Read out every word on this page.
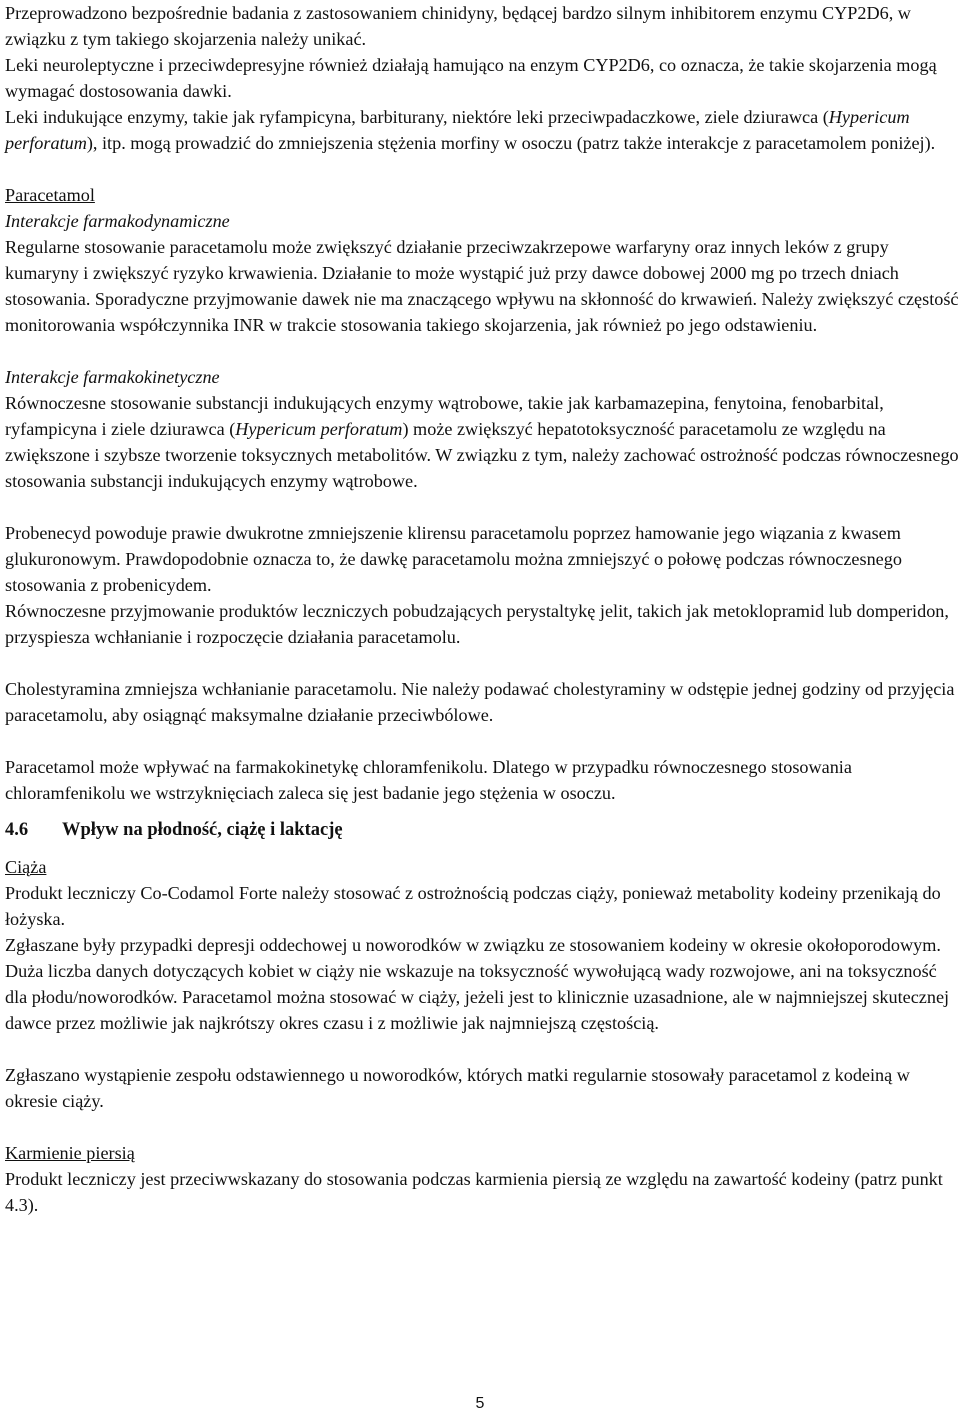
Przeprowadzono bezpośrednie badania z zastosowaniem chinidyny, będącej bardzo silnym inhibitorem enzymu CYP2D6, w związku z tym takiego skojarzenia należy unikać.

Leki neuroleptyczne i przeciwdepresyjne również działają hamująco na enzym CYP2D6, co oznacza, że takie skojarzenia mogą wymagać dostosowania dawki.

Leki indukujące enzymy, takie jak ryfampicyna, barbiturany, niektóre leki przeciwpadaczkowe, ziele dziurawca (Hypericum perforatum), itp. mogą prowadzić do zmniejszenia stężenia morfiny w osoczu (patrz także interakcje z paracetamolem poniżej).

Paracetamol

Interakcje farmakodynamiczne

Regularne stosowanie paracetamolu może zwiększyć działanie przeciwzakrzepowe warfaryny oraz innych leków z grupy kumaryny i zwiększyć ryzyko krwawienia. Działanie to może wystąpić już przy dawce dobowej 2000 mg po trzech dniach stosowania. Sporadyczne przyjmowanie dawek nie ma znaczącego wpływu na skłonność do krwawień. Należy zwiększyć częstość monitorowania współczynnika INR w trakcie stosowania takiego skojarzenia, jak również po jego odstawieniu.

Interakcje farmakokinetyczne

Równoczesne stosowanie substancji indukujących enzymy wątrobowe, takie jak karbamazepina, fenytoina, fenobarbital, ryfampicyna i ziele dziurawca (Hypericum perforatum) może zwiększyć hepatotoksyczność paracetamolu ze względu na zwiększone i szybsze tworzenie toksycznych metabolitów. W związku z tym, należy zachować ostrożność podczas równoczesnego stosowania substancji indukujących enzymy wątrobowe.

Probenecyd powoduje prawie dwukrotne zmniejszenie klirensu paracetamolu poprzez hamowanie jego wiązania z kwasem glukuronowym. Prawdopodobnie oznacza to, że dawkę paracetamolu można zmniejszyć o połowę podczas równoczesnego stosowania z probenicydem.

Równoczesne przyjmowanie produktów leczniczych pobudzających perystaltykę jelit, takich jak metoklopramid lub domperidon, przyspiesza wchłanianie i rozpoczęcie działania paracetamolu.

Cholestyramina zmniejsza wchłanianie paracetamolu. Nie należy podawać cholestyraminy w odstępie jednej godziny od przyjęcia paracetamolu, aby osiągnąć maksymalne działanie przeciwbólowe.

Paracetamol może wpływać na farmakokinetykę chloramfenikolu. Dlatego w przypadku równoczesnego stosowania chloramfenikolu we wstrzyknięciach zaleca się jest badanie jego stężenia w osoczu.

4.6 Wpływ na płodność, ciążę i laktację

Ciąża

Produkt leczniczy Co-Codamol Forte należy stosować z ostrożnością podczas ciąży, ponieważ metabolity kodeiny przenikają do łożyska.

Zgłaszane były przypadki depresji oddechowej u noworodków w związku ze stosowaniem kodeiny w okresie okołoporodowym.

Duża liczba danych dotyczących kobiet w ciąży nie wskazuje na toksyczność wywołującą wady rozwojowe, ani na toksyczność dla płodu/noworodków. Paracetamol można stosować w ciąży, jeżeli jest to klinicznie uzasadnione, ale w najmniejszej skutecznej dawce przez możliwie jak najkrótszy okres czasu i z możliwie jak najmniejszą częstością.

Zgłaszano wystąpienie zespołu odstawiennego u noworodków, których matki regularnie stosowały paracetamol z kodeiną w okresie ciąży.

Karmienie piersią

Produkt leczniczy jest przeciwwskazany do stosowania podczas karmienia piersią ze względu na zawartość kodeiny (patrz punkt 4.3).

5
